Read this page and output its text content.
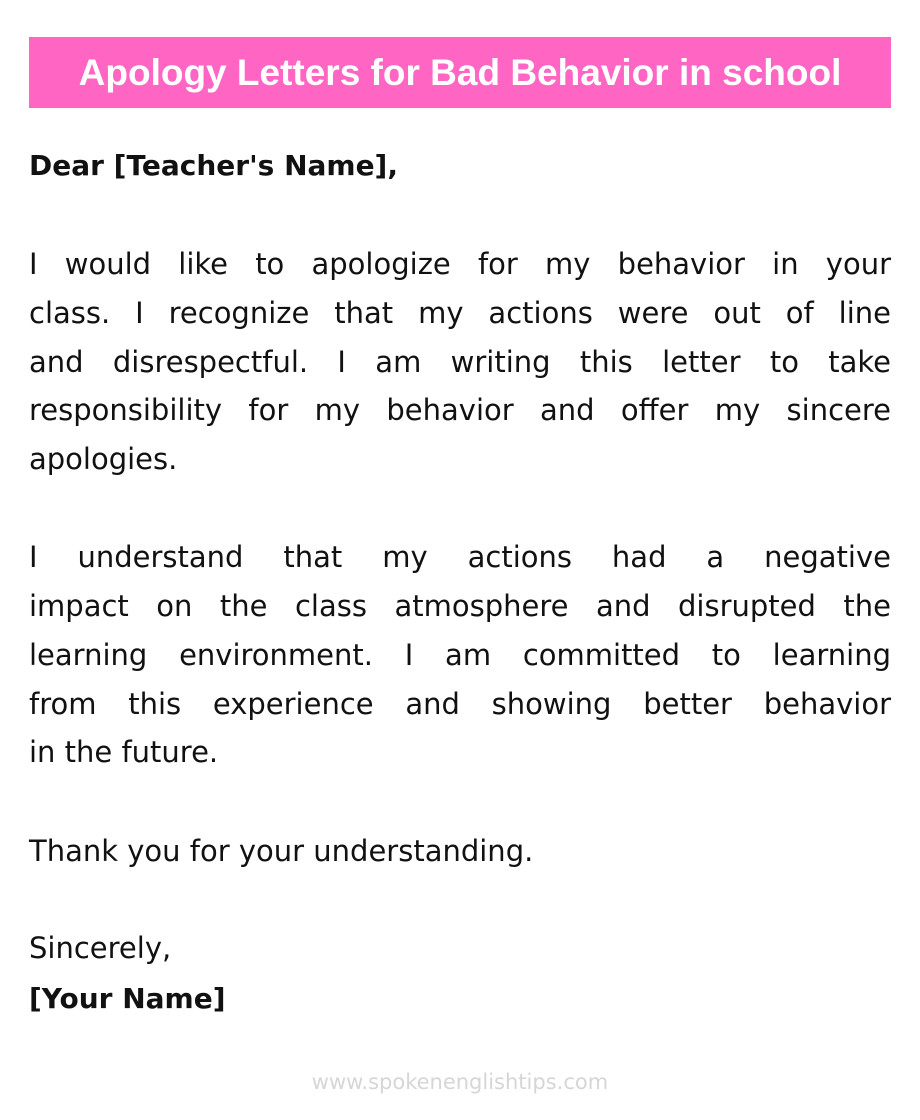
Apology Letters for Bad Behavior in school
Dear [Teacher's Name],
I would like to apologize for my behavior in your
class. I recognize that my actions were out of line
and disrespectful. I am writing this letter to take
responsibility for my behavior and offer my sincere
apologies.
I understand that my actions had a negative
impact on the class atmosphere and disrupted the
learning environment. I am committed to learning
from this experience and showing better behavior
in the future.
Thank you for your understanding.
Sincerely,
[Your Name]
www.spokenenglishtips.com
